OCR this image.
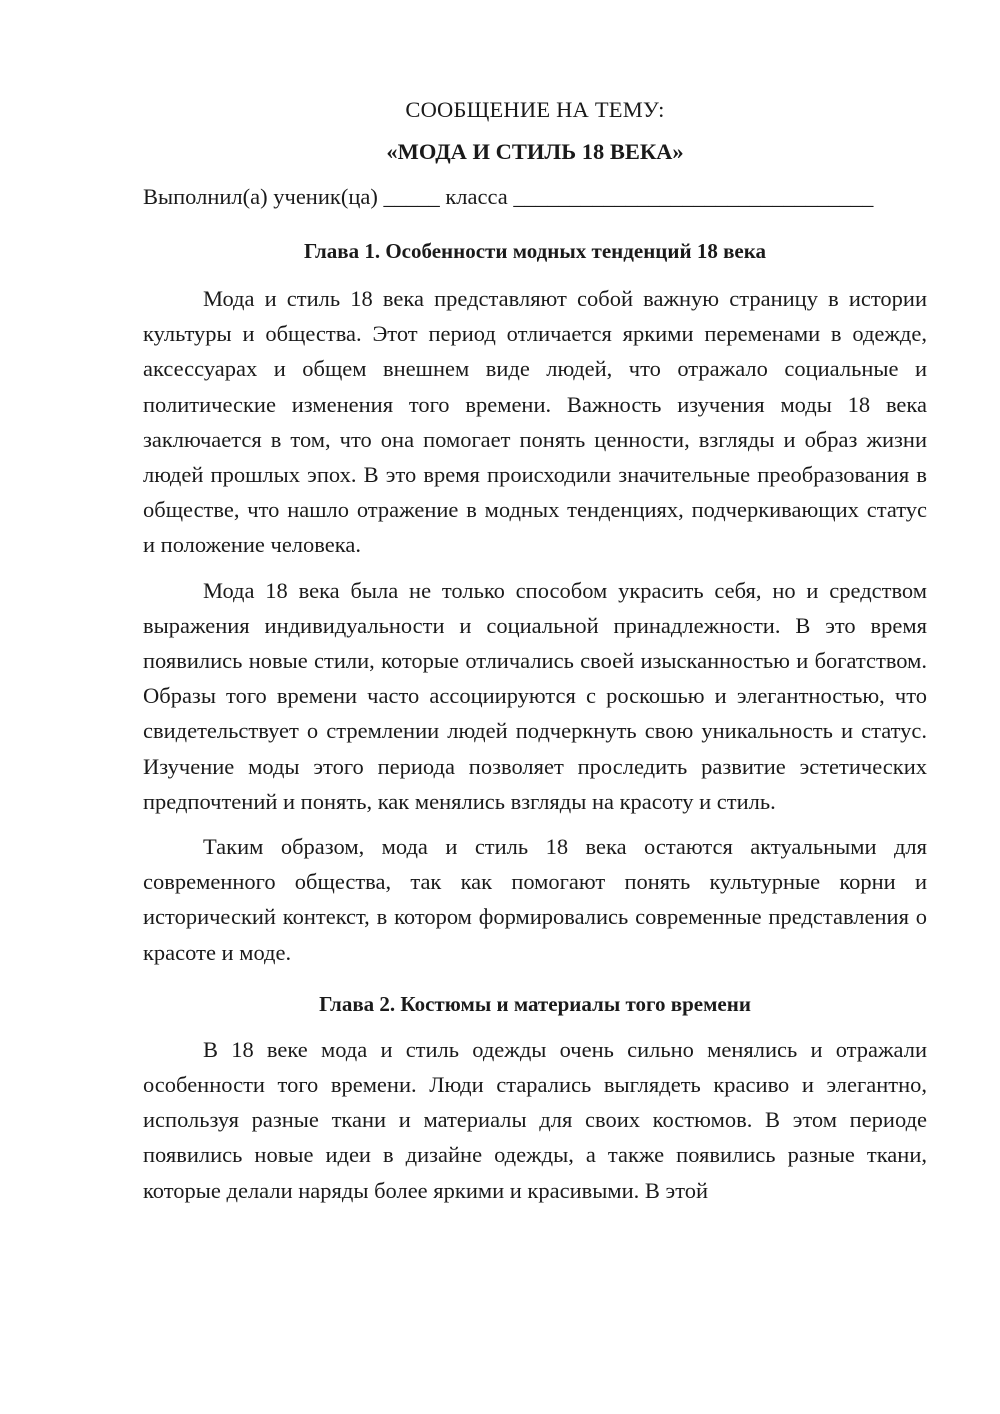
СООБЩЕНИЕ НА ТЕМУ:

«МОДА И СТИЛЬ 18 ВЕКА»

Выполнил(а) ученик(ца) _____ класса ________________________________

Глава 1. Особенности модных тенденций 18 века

Мода и стиль 18 века представляют собой важную страницу в истории культуры и общества. Этот период отличается яркими переменами в одежде, аксессуарах и общем внешнем виде людей, что отражало социальные и политические изменения того времени. Важность изучения моды 18 века заключается в том, что она помогает понять ценности, взгляды и образ жизни людей прошлых эпох. В это время происходили значительные преобразования в обществе, что нашло отражение в модных тенденциях, подчеркивающих статус и положение человека.

Мода 18 века была не только способом украсить себя, но и средством выражения индивидуальности и социальной принадлежности. В это время появились новые стили, которые отличались своей изысканностью и богатством. Образы того времени часто ассоциируются с роскошью и элегантностью, что свидетельствует о стремлении людей подчеркнуть свою уникальность и статус. Изучение моды этого периода позволяет проследить развитие эстетических предпочтений и понять, как менялись взгляды на красоту и стиль.

Таким образом, мода и стиль 18 века остаются актуальными для современного общества, так как помогают понять культурные корни и исторический контекст, в котором формировались современные представления о красоте и моде.

Глава 2. Костюмы и материалы того времени

В 18 веке мода и стиль одежды очень сильно менялись и отражали особенности того времени. Люди старались выглядеть красиво и элегантно, используя разные ткани и материалы для своих костюмов. В этом периоде появились новые идеи в дизайне одежды, а также появились разные ткани, которые делали наряды более яркими и красивыми. В этой
